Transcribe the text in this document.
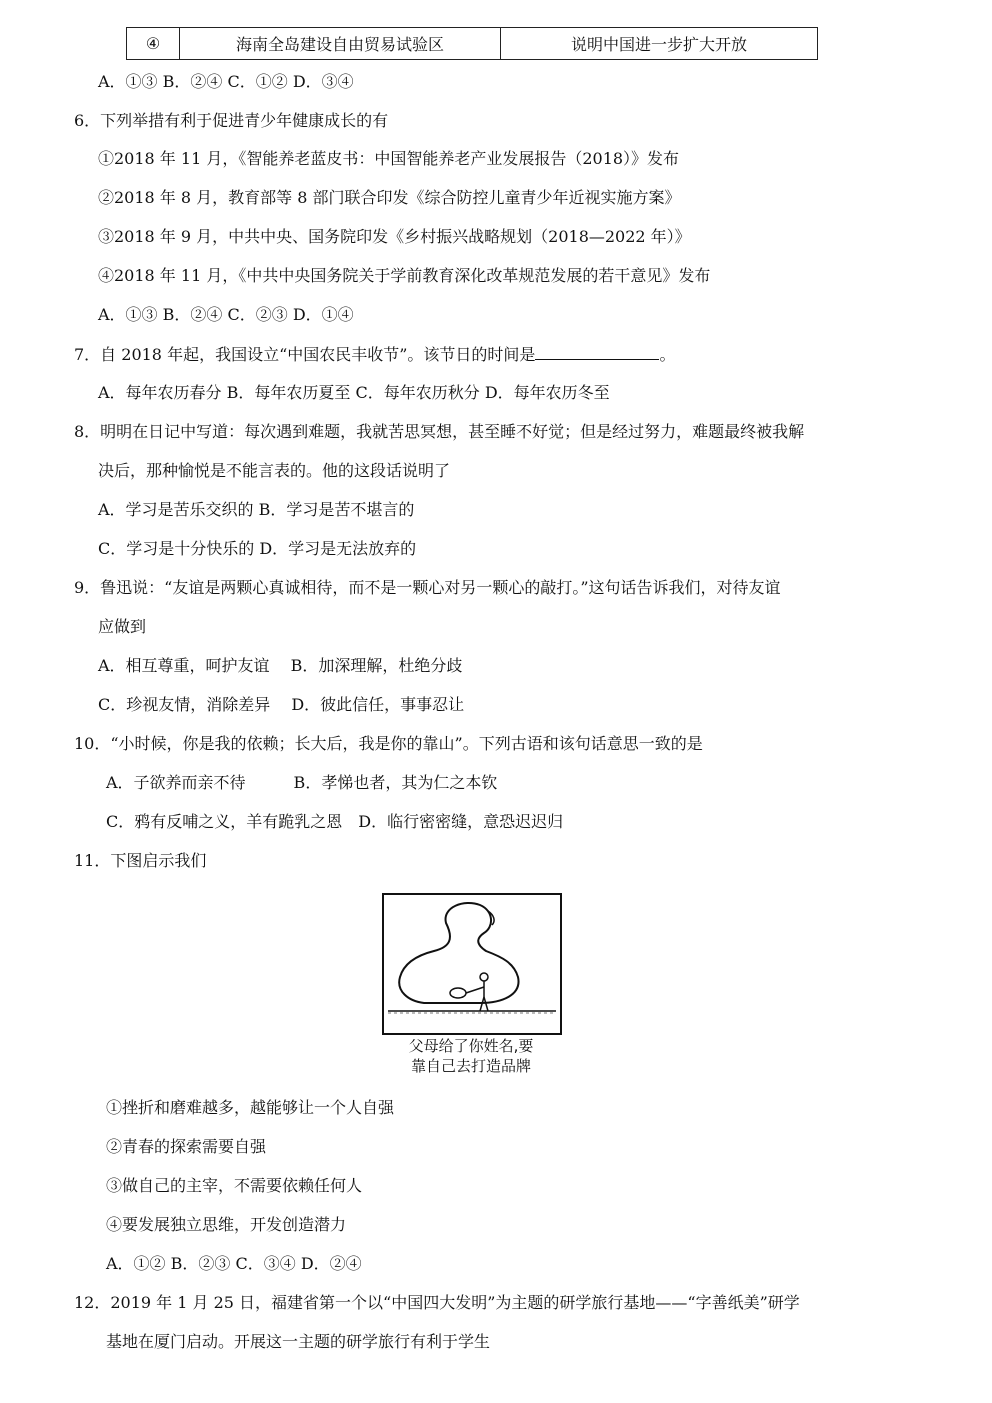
④	海南全岛建设自由贸易试验区	说明中国进一步扩大开放
A．①③ B．②④ C．①② D．③④
6．下列举措有利于促进青少年健康成长的有
①2018 年 11 月，《智能养老蓝皮书：中国智能养老产业发展报告（2018）》发布
②2018 年 8 月，教育部等 8 部门联合印发《综合防控儿童青少年近视实施方案》
③2018 年 9 月，中共中央、国务院印发《乡村振兴战略规划（2018—2022 年）》
④2018 年 11 月，《中共中央国务院关于学前教育深化改革规范发展的若干意见》发布
A．①③ B．②④ C．②③ D．①④
7．自 2018 年起，我国设立“中国农民丰收节”。该节日的时间是	。
A．每年农历春分 B．每年农历夏至 C．每年农历秋分 D．每年农历冬至
8．明明在日记中写道：每次遇到难题，我就苦思冥想，甚至睡不好觉；但是经过努力，难题最终被我解
决后，那种愉悦是不能言表的。他的这段话说明了
A．学习是苦乐交织的 B．学习是苦不堪言的
C．学习是十分快乐的 D．学习是无法放弃的
9．鲁迅说：“友谊是两颗心真诚相待，而不是一颗心对另一颗心的敲打。”这句话告诉我们，对待友谊
应做到
A．相互尊重，呵护友谊　 B．加深理解，杜绝分歧
C．珍视友情，消除差异　 D．彼此信任，事事忍让
10．“小时候，你是我的依赖；长大后，我是你的靠山”。下列古语和该句话意思一致的是
A．子欲养而亲不待　　　B．孝悌也者，其为仁之本钦
C．鸦有反哺之义，羊有跪乳之恩　D．临行密密缝，意恐迟迟归
11．下图启示我们
父母给了你姓名,要
靠自己去打造品牌
①挫折和磨难越多，越能够让一个人自强
②青春的探索需要自强
③做自己的主宰，不需要依赖任何人
④要发展独立思维，开发创造潜力
A．①② B．②③ C．③④ D．②④
12．2019 年 1 月 25 日，福建省第一个以“中国四大发明”为主题的研学旅行基地——“字善纸美”研学
基地在厦门启动。开展这一主题的研学旅行有利于学生
